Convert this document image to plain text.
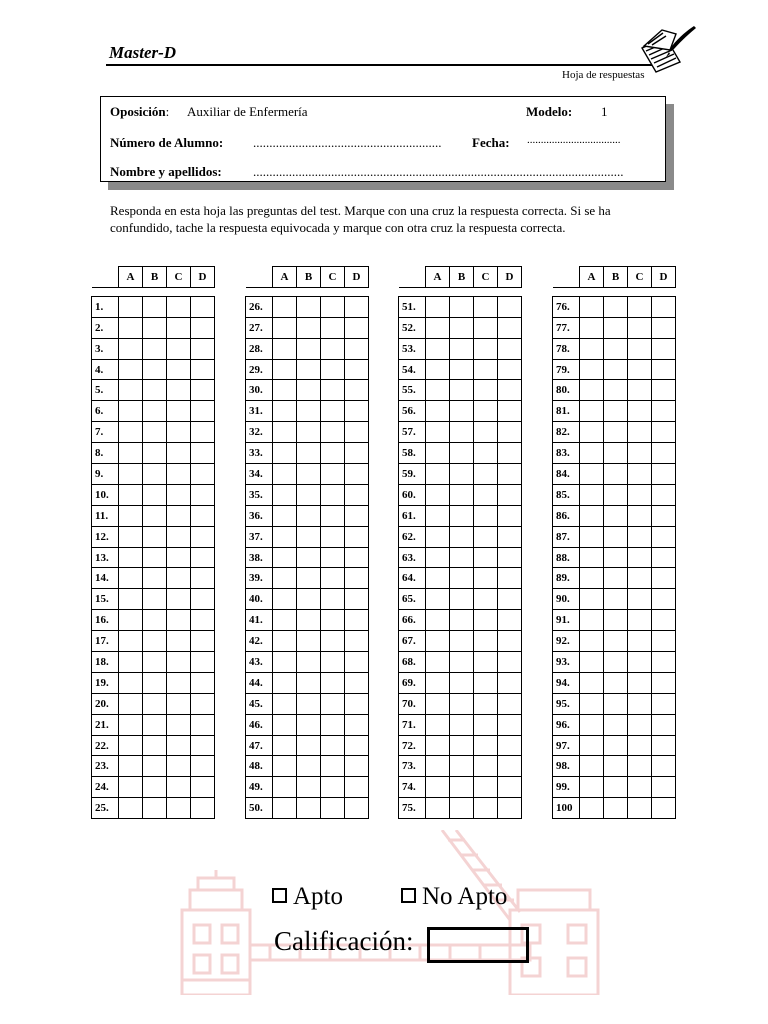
Master-D
Hoja de respuestas
Oposición: Auxiliar de Enfermería	Modelo: 1
Número de Alumno: ..........................................................	Fecha: ..................................
Nombre y apellidos: ..................................................................................................................
Responda en esta hoja las preguntas del test. Marque con una cruz la respuesta correcta. Si se ha confundido, tache la respuesta equivocada y marque con otra cruz la respuesta correcta.
	A	B	C	D

1.				
2.				
3.				
4.				
5.				
6.				
7.				
8.				
9.				
10.				
11.				
12.				
13.				
14.				
15.				
16.				
17.				
18.				
19.				
20.				
21.				
22.				
23.				
24.				
25.				
	A	B	C	D

26.				
27.				
28.				
29.				
30.				
31.				
32.				
33.				
34.				
35.				
36.				
37.				
38.				
39.				
40.				
41.				
42.				
43.				
44.				
45.				
46.				
47.				
48.				
49.				
50.				
	A	B	C	D

51.				
52.				
53.				
54.				
55.				
56.				
57.				
58.				
59.				
60.				
61.				
62.				
63.				
64.				
65.				
66.				
67.				
68.				
69.				
70.				
71.				
72.				
73.				
74.				
75.				
	A	B	C	D

76.				
77.				
78.				
79.				
80.				
81.				
82.				
83.				
84.				
85.				
86.				
87.				
88.				
89.				
90.				
91.				
92.				
93.				
94.				
95.				
96.				
97.				
98.				
99.				
100				
Apto	No Apto
Calificación:
